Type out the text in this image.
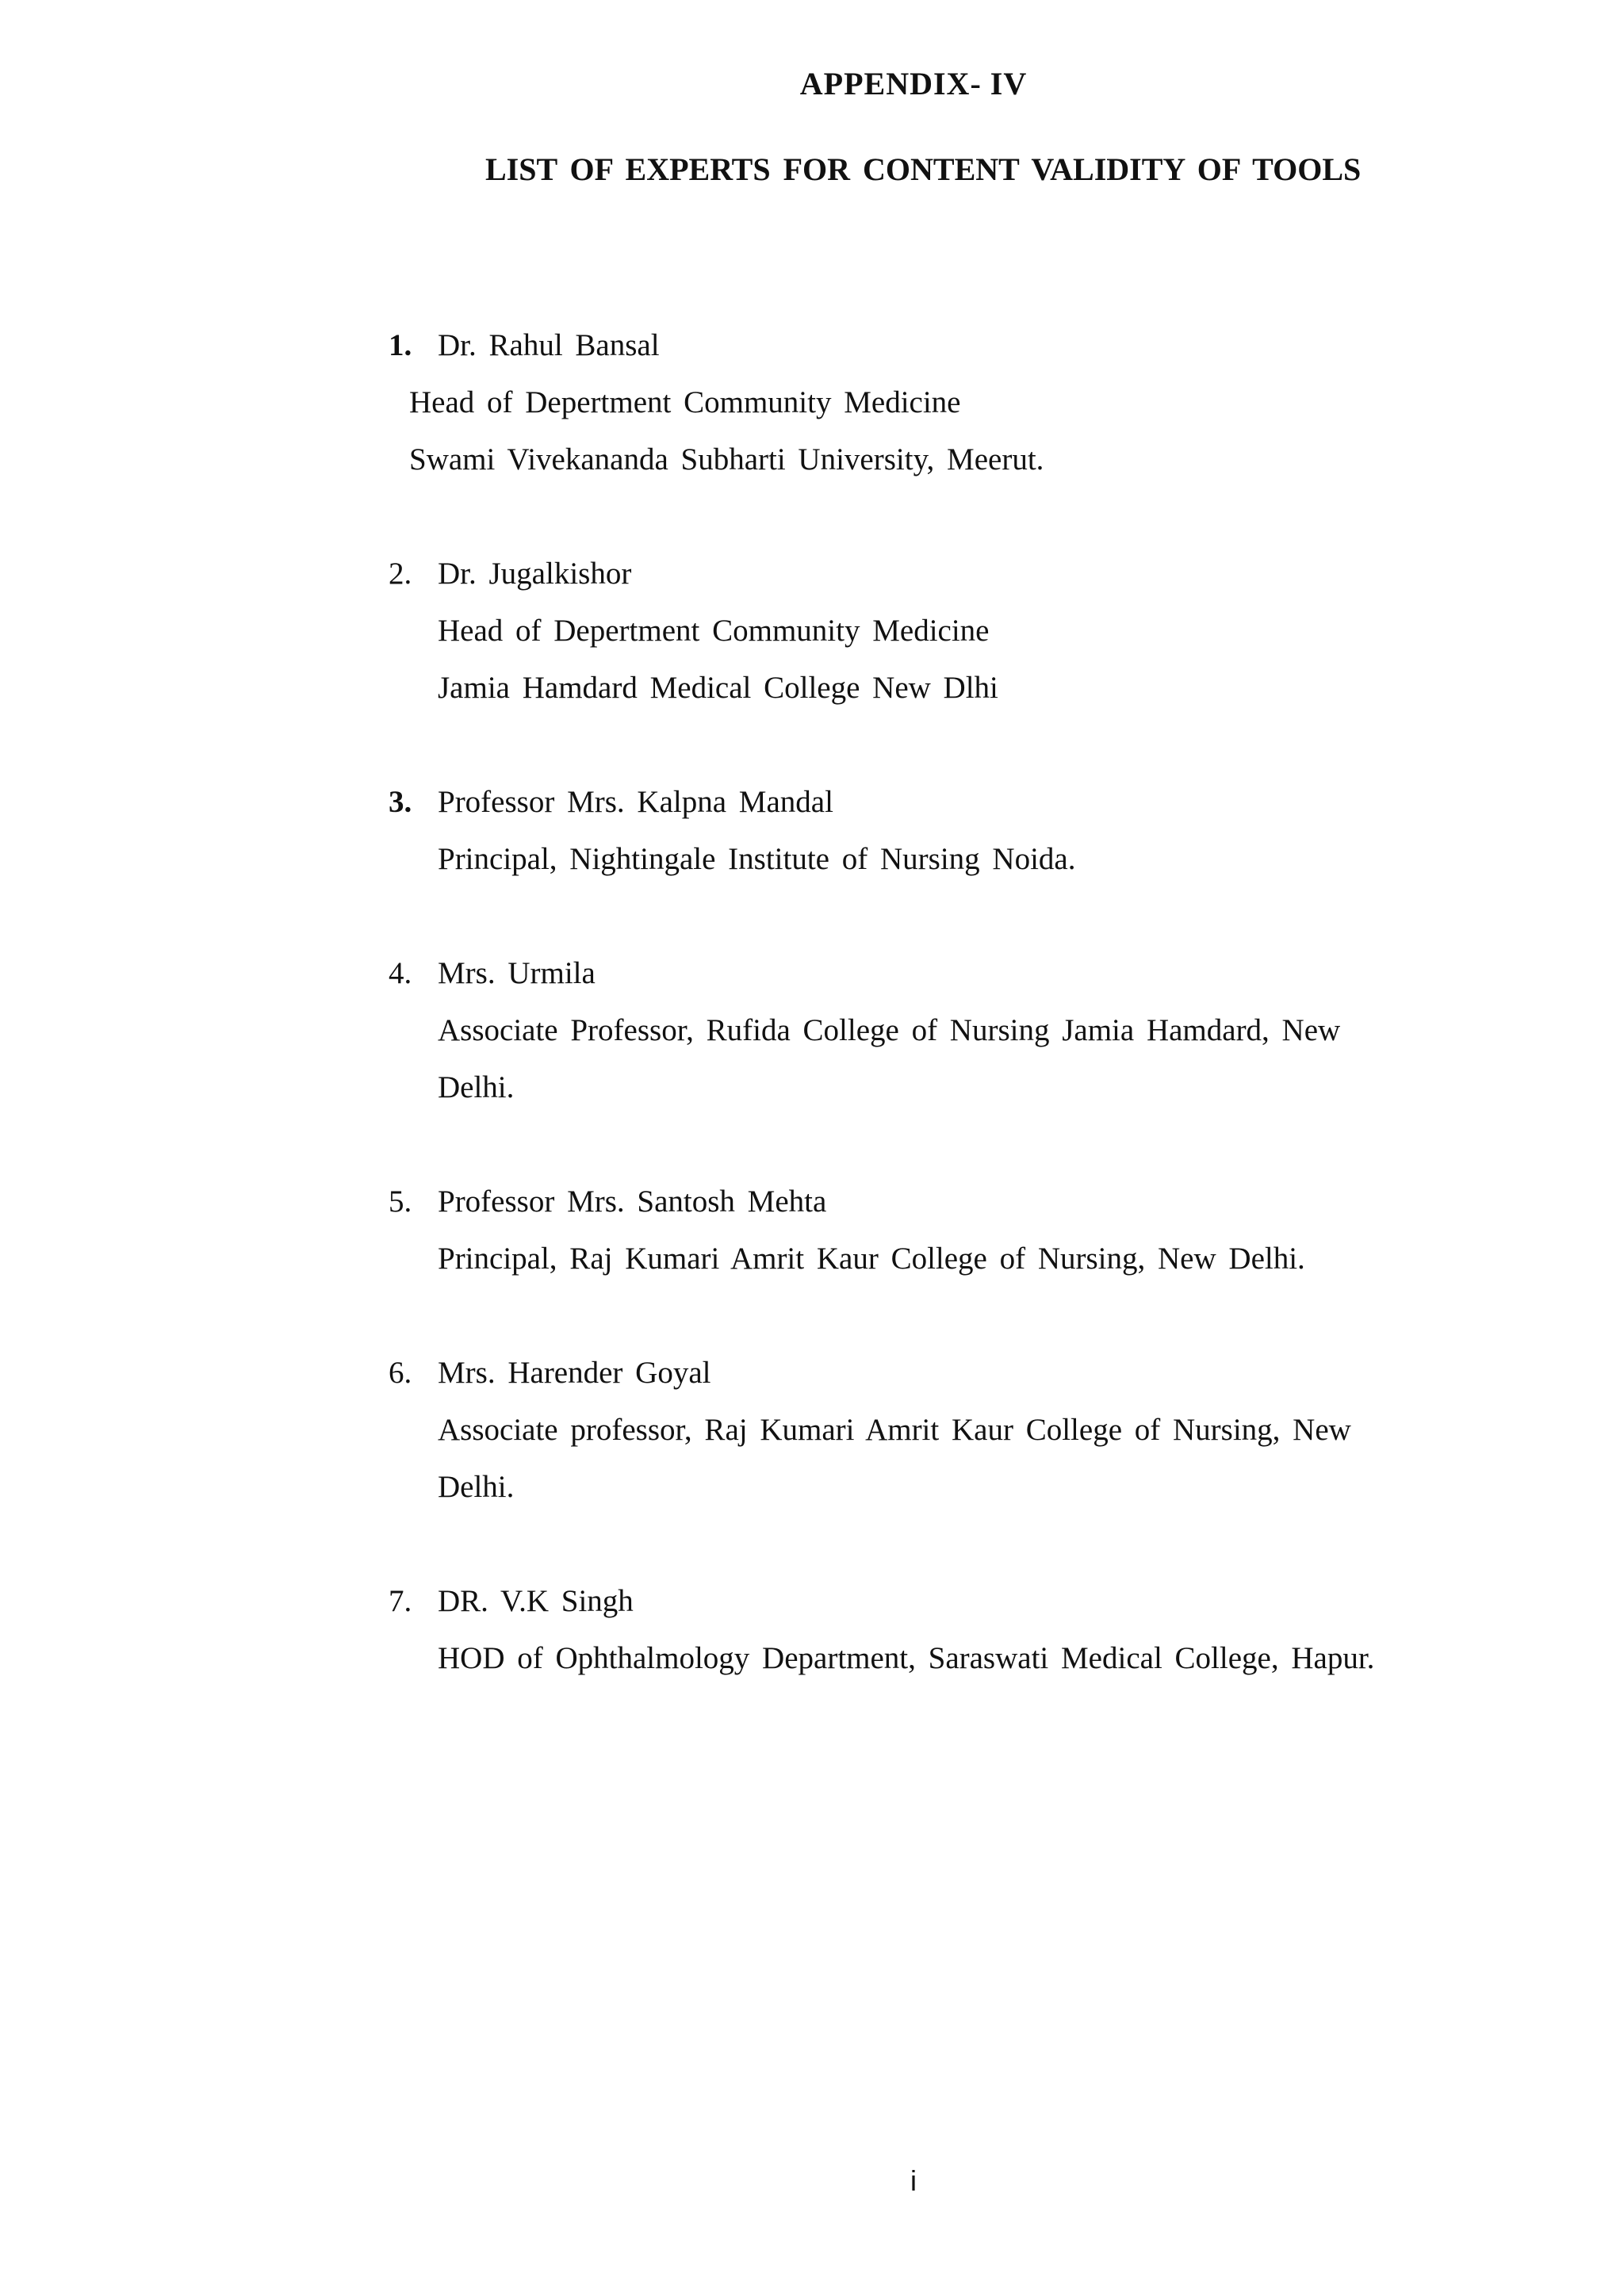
APPENDIX- IV
LIST OF EXPERTS FOR CONTENT VALIDITY OF TOOLS
1. Dr. Rahul Bansal
Head of Depertment Community Medicine
Swami Vivekananda Subharti University, Meerut.
2. Dr. Jugalkishor
Head of Depertment Community Medicine
Jamia Hamdard Medical College New Dlhi
3. Professor Mrs. Kalpna Mandal
Principal, Nightingale Institute of Nursing Noida.
4. Mrs. Urmila
Associate Professor, Rufida College of Nursing Jamia Hamdard, New
Delhi.
5. Professor Mrs. Santosh Mehta
Principal, Raj Kumari Amrit Kaur College of Nursing, New Delhi.
6. Mrs. Harender Goyal
Associate professor, Raj Kumari Amrit Kaur College of Nursing, New
Delhi.
7. DR. V.K Singh
HOD of Ophthalmology Department, Saraswati Medical College, Hapur.
i
